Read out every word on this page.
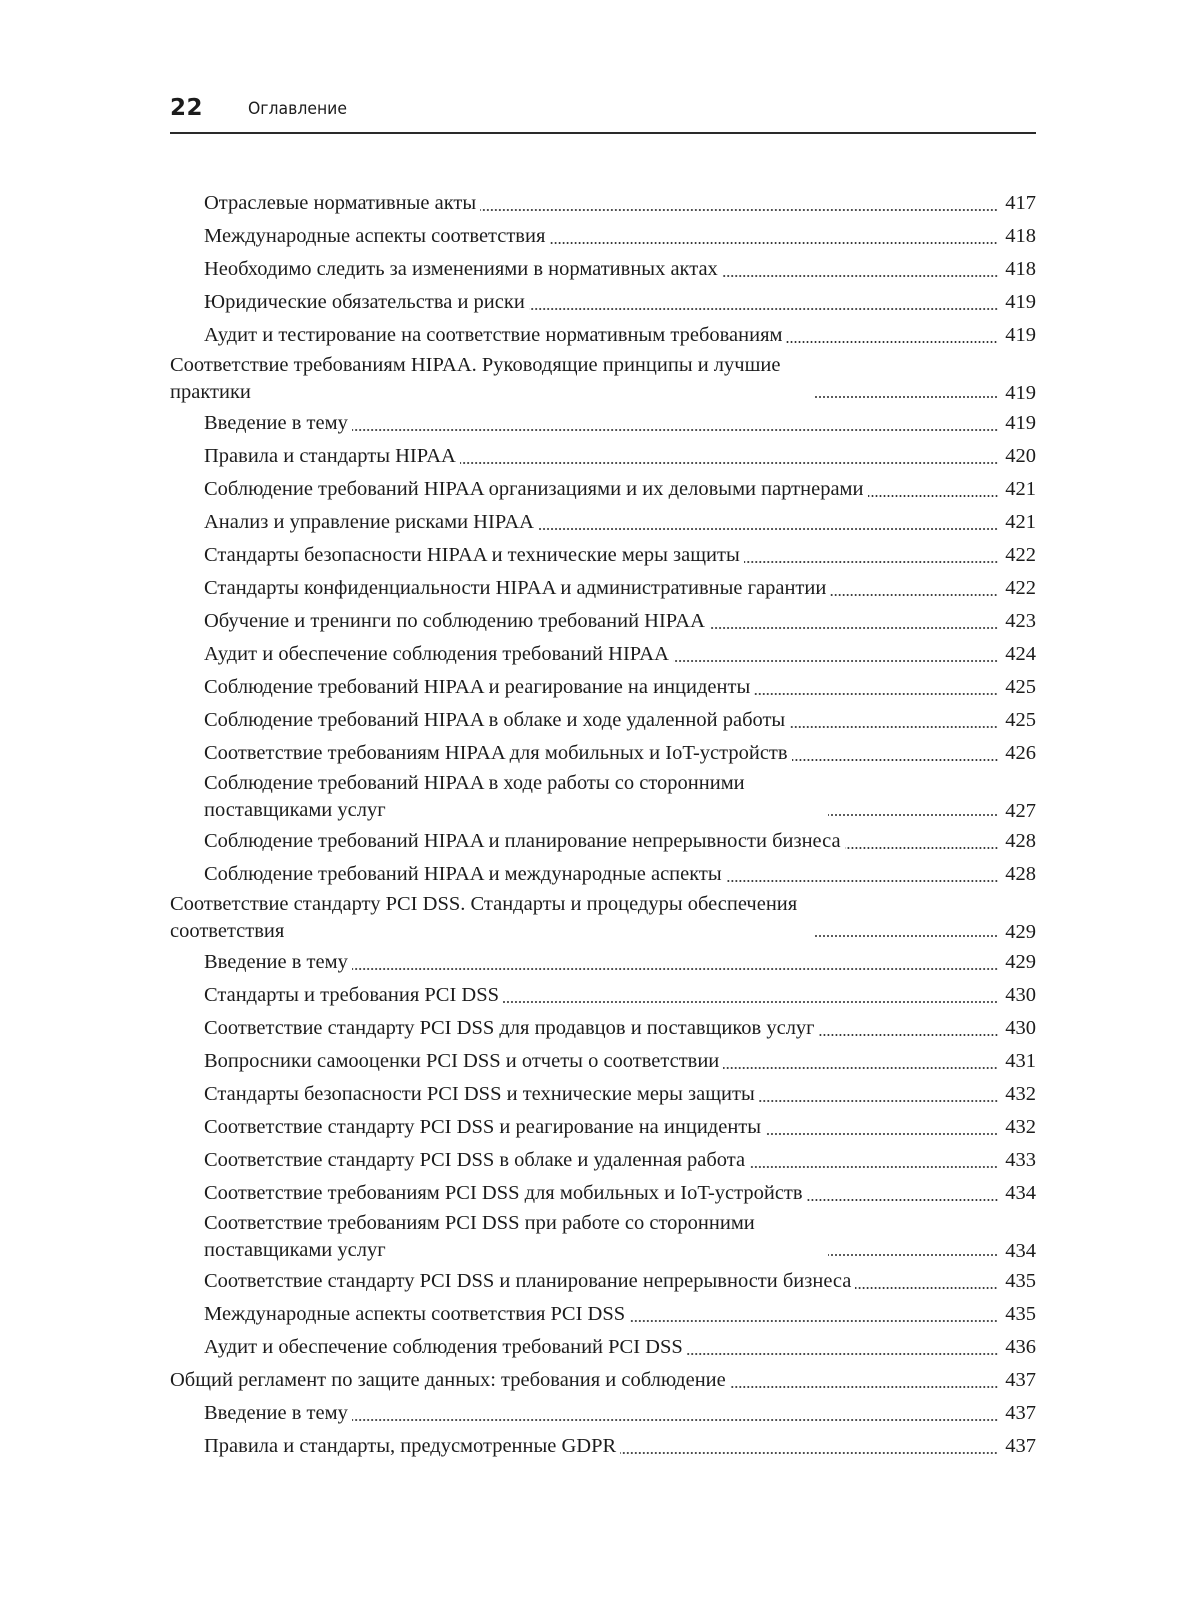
22	Оглавление
Отраслевые нормативные акты	417
Международные аспекты соответствия	418
Необходимо следить за изменениями в нормативных актах	418
Юридические обязательства и риски	419
Аудит и тестирование на соответствие нормативным требованиям	419
Соответствие требованиям HIPAA. Руководящие принципы и лучшие практики	419
Введение в тему	419
Правила и стандарты HIPAA	420
Соблюдение требований HIPAA организациями и их деловыми партнерами	421
Анализ и управление рисками HIPAA	421
Стандарты безопасности HIPAA и технические меры защиты	422
Стандарты конфиденциальности HIPAA и административные гарантии	422
Обучение и тренинги по соблюдению требований HIPAA	423
Аудит и обеспечение соблюдения требований HIPAA	424
Соблюдение требований HIPAA и реагирование на инциденты	425
Соблюдение требований HIPAA в облаке и ходе удаленной работы	425
Соответствие требованиям HIPAA для мобильных и IoT-устройств	426
Соблюдение требований HIPAA в ходе работы со сторонними поставщиками услуг	427
Соблюдение требований HIPAA и планирование непрерывности бизнеса	428
Соблюдение требований HIPAA и международные аспекты	428
Соответствие стандарту PCI DSS. Стандарты и процедуры обеспечения соответствия	429
Введение в тему	429
Стандарты и требования PCI DSS	430
Соответствие стандарту PCI DSS для продавцов и поставщиков услуг	430
Вопросники самооценки PCI DSS и отчеты о соответствии	431
Стандарты безопасности PCI DSS и технические меры защиты	432
Соответствие стандарту PCI DSS и реагирование на инциденты	432
Соответствие стандарту PCI DSS в облаке и удаленная работа	433
Соответствие требованиям PCI DSS для мобильных и IoT-устройств	434
Соответствие требованиям PCI DSS при работе со сторонними поставщиками услуг	434
Соответствие стандарту PCI DSS и планирование непрерывности бизнеса	435
Международные аспекты соответствия PCI DSS	435
Аудит и обеспечение соблюдения требований PCI DSS	436
Общий регламент по защите данных: требования и соблюдение	437
Введение в тему	437
Правила и стандарты, предусмотренные GDPR	437
